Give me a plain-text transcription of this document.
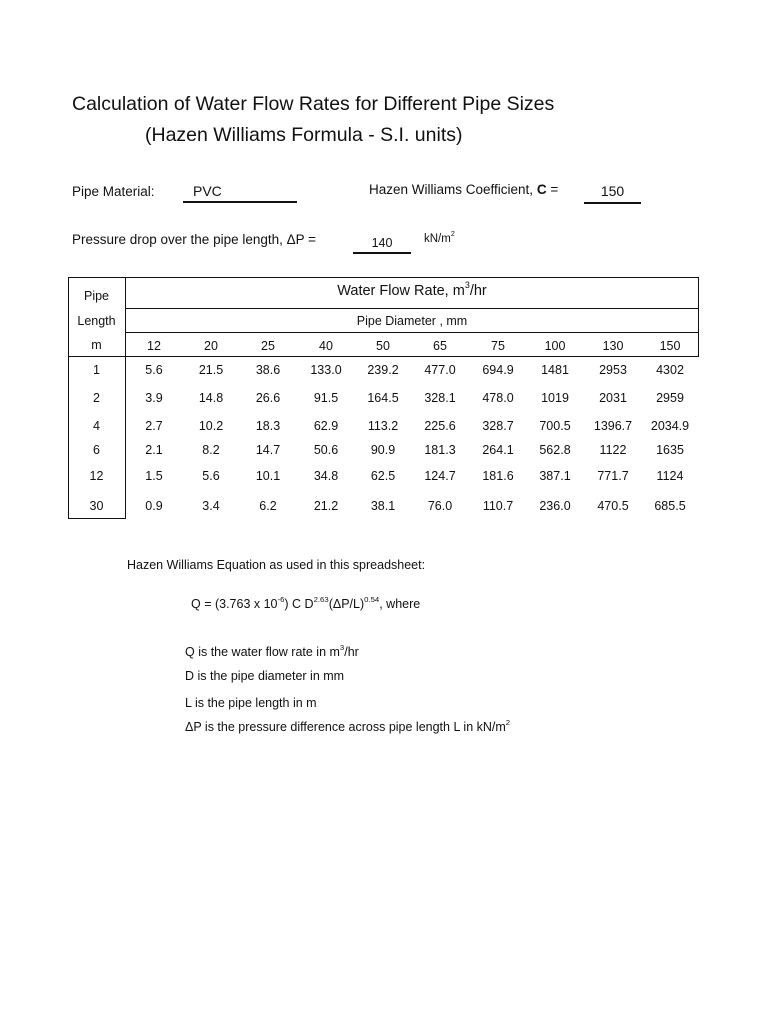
Calculation of Water Flow Rates for Different Pipe Sizes
(Hazen Williams Formula - S.I. units)
Pipe Material:	PVC	Hazen Williams Coefficient, C =	150
Pressure drop over the pipe length, ΔP =	140	$kN/m^2$
Pipe
Length
m
Water Flow Rate, $m^3/hr$
Pipe Diameter , mm
12	20	25	40	50	65	75	100	130	150
1	5.6	21.5	38.6	133.0	239.2	477.0	694.9	1481	2953	4302
2	3.9	14.8	26.6	91.5	164.5	328.1	478.0	1019	2031	2959
4	2.7	10.2	18.3	62.9	113.2	225.6	328.7	700.5	1396.7	2034.9
6	2.1	8.2	14.7	50.6	90.9	181.3	264.1	562.8	1122	1635
12	1.5	5.6	10.1	34.8	62.5	124.7	181.6	387.1	771.7	1124
30	0.9	3.4	6.2	21.2	38.1	76.0	110.7	236.0	470.5	685.5
Hazen Williams Equation as used in this spreadsheet:
Q = (3.763 x $10^{-6}$) C $D^{2.63}(\Delta P/L)^{0.54}$, where
Q is the water flow rate in $m^3/hr$
D is the pipe diameter in mm
L is the pipe length in m
ΔP is the pressure difference across pipe length L in $kN/m^2$
